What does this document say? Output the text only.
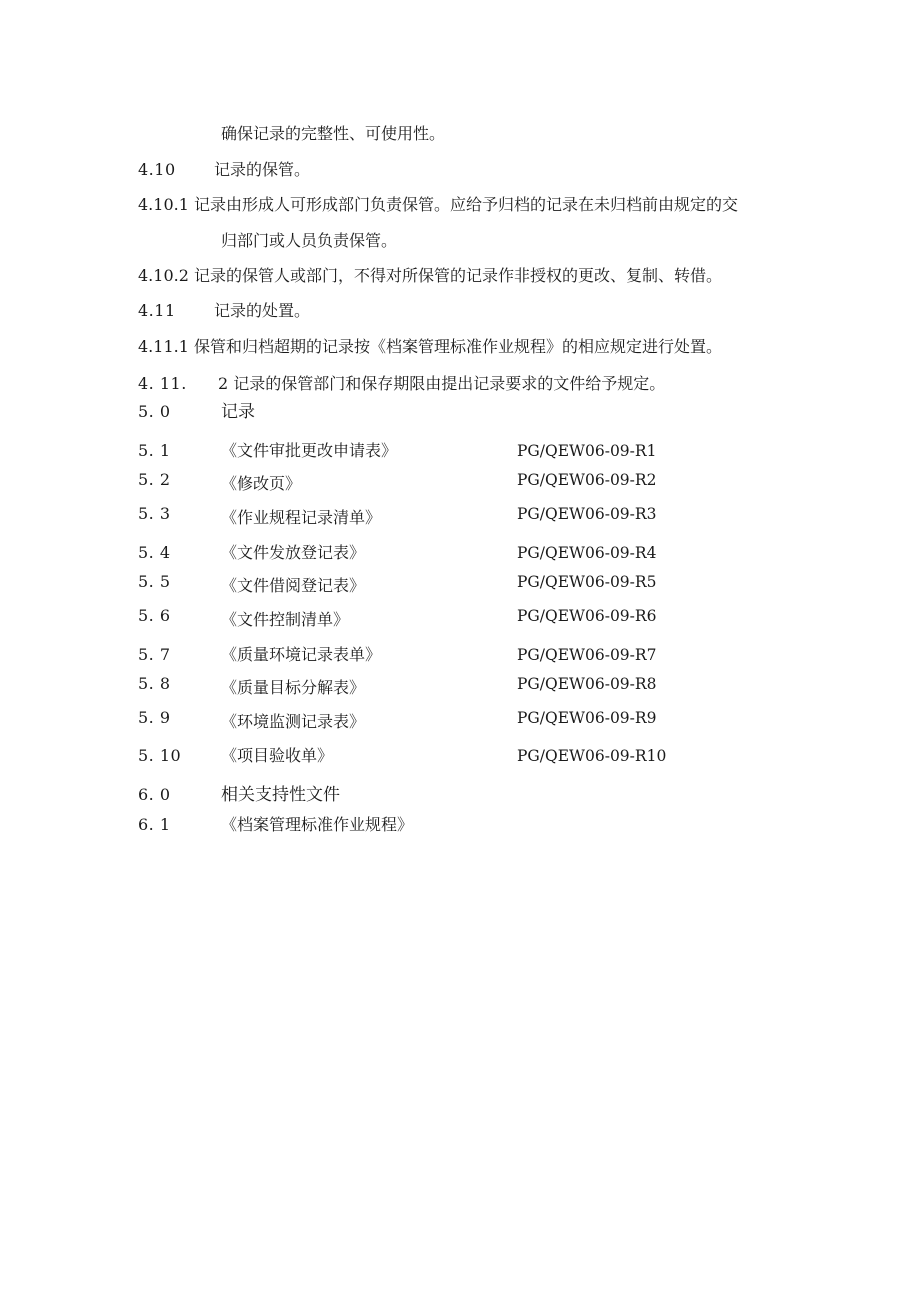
确保记录的完整性、可使用性。
4.10 记录的保管。
4.10.1 记录由形成人可形成部门负责保管。应给予归档的记录在未归档前由规定的交
归部门或人员负责保管。
4.10.2 记录的保管人或部门，不得对所保管的记录作非授权的更改、复制、转借。
4.11 记录的处置。
4.11.1 保管和归档超期的记录按《档案管理标准作业规程》的相应规定进行处置。
4. 11. 2 记录的保管部门和保存期限由提出记录要求的文件给予规定。
5. 0	记录
5. 1	《文件审批更改申请表》	PG/QEW06-09-R1
5. 2	《修改页》	PG/QEW06-09-R2
5. 3	《作业规程记录清单》	PG/QEW06-09-R3
5. 4	《文件发放登记表》	PG/QEW06-09-R4
5. 5	《文件借阅登记表》	PG/QEW06-09-R5
5. 6	《文件控制清单》	PG/QEW06-09-R6
5. 7	《质量环境记录表单》	PG/QEW06-09-R7
5. 8	《质量目标分解表》	PG/QEW06-09-R8
5. 9	《环境监测记录表》	PG/QEW06-09-R9
5. 10 《项目验收单》	PG/QEW06-09-R10
6. 0	相关支持性文件
6. 1	《档案管理标准作业规程》
